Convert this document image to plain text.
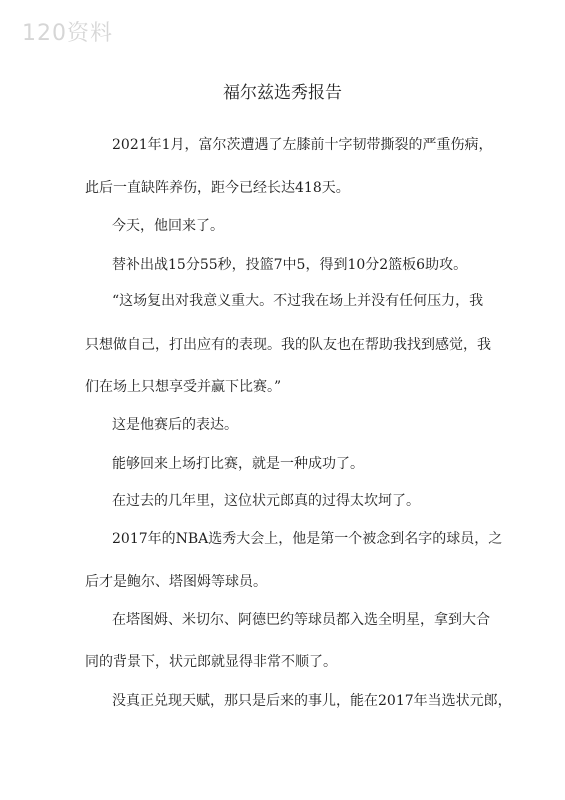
120资料
福尔兹选秀报告
2021年1月，富尔茨遭遇了左膝前十字韧带撕裂的严重伤病，
此后一直缺阵养伤，距今已经长达418天。
今天，他回来了。
替补出战15分55秒，投篮7中5，得到10分2篮板6助攻。
“这场复出对我意义重大。不过我在场上并没有任何压力，我
只想做自己，打出应有的表现。我的队友也在帮助我找到感觉，我
们在场上只想享受并赢下比赛。”
这是他赛后的表达。
能够回来上场打比赛，就是一种成功了。
在过去的几年里，这位状元郎真的过得太坎坷了。
2017年的NBA选秀大会上，他是第一个被念到名字的球员，之
后才是鲍尔、塔图姆等球员。
在塔图姆、米切尔、阿德巴约等球员都入选全明星，拿到大合
同的背景下，状元郎就显得非常不顺了。
没真正兑现天赋，那只是后来的事儿，能在2017年当选状元郎，
